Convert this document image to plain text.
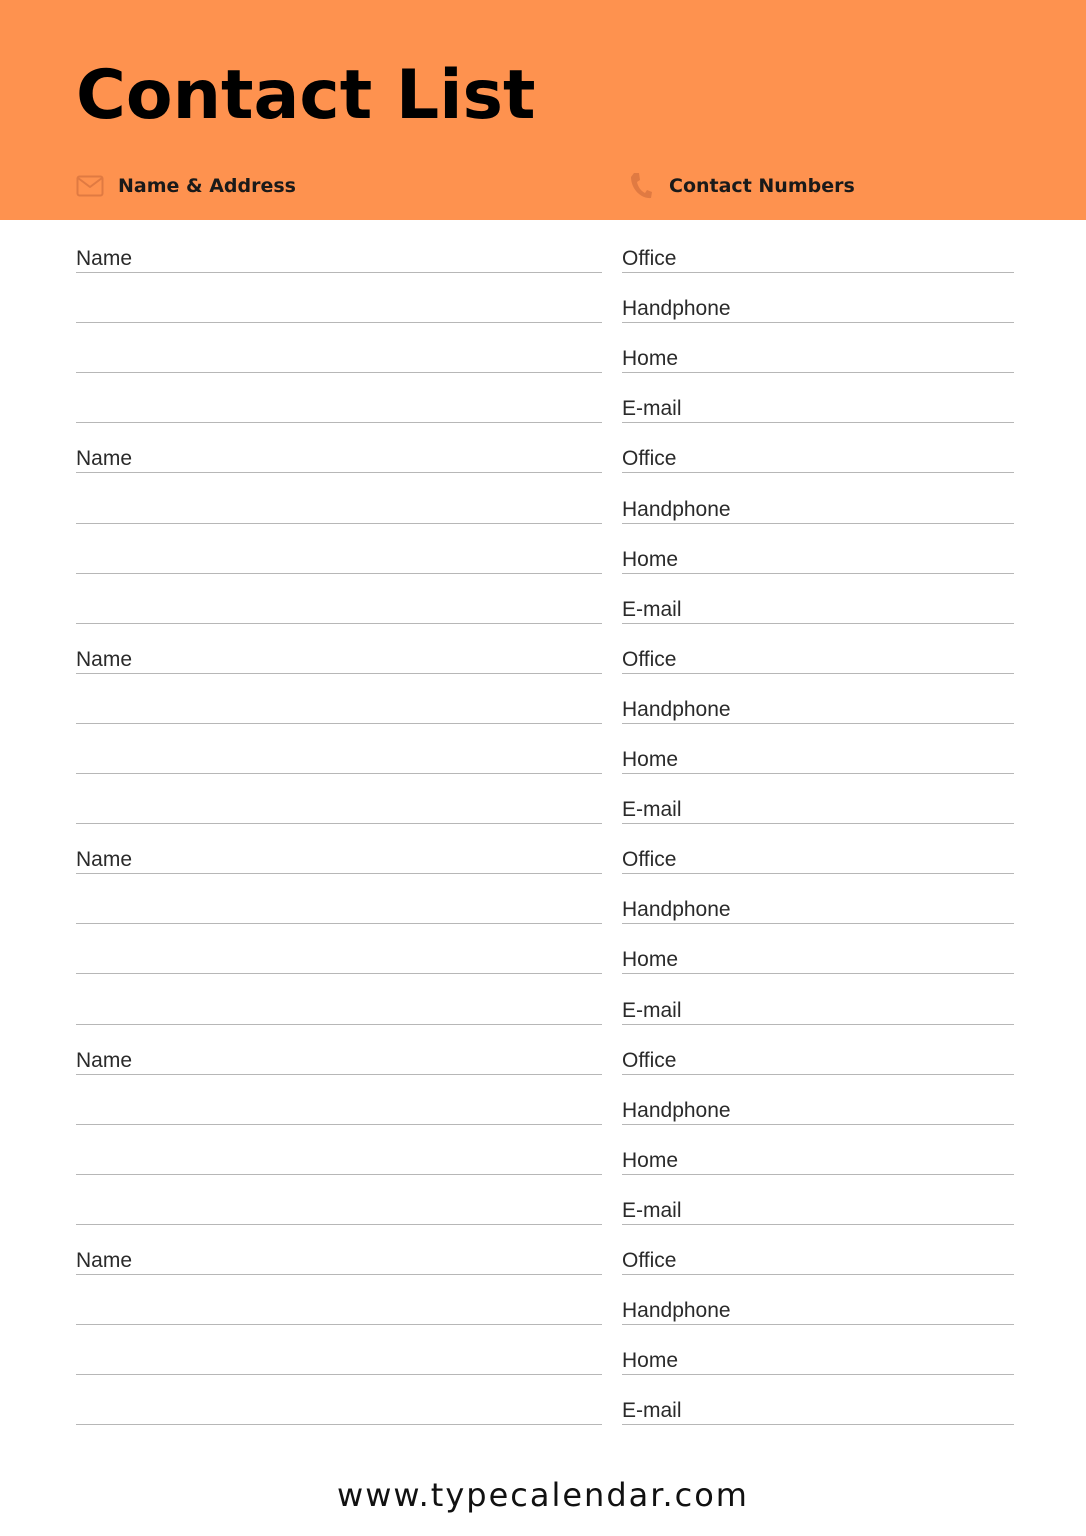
Contact List
Name & Address	Contact Numbers
Name	Office
Handphone
Home
E-mail
Name	Office
Handphone
Home
E-mail
Name	Office
Handphone
Home
E-mail
Name	Office
Handphone
Home
E-mail
Name	Office
Handphone
Home
E-mail
Name	Office
Handphone
Home
E-mail
www.typecalendar.com
